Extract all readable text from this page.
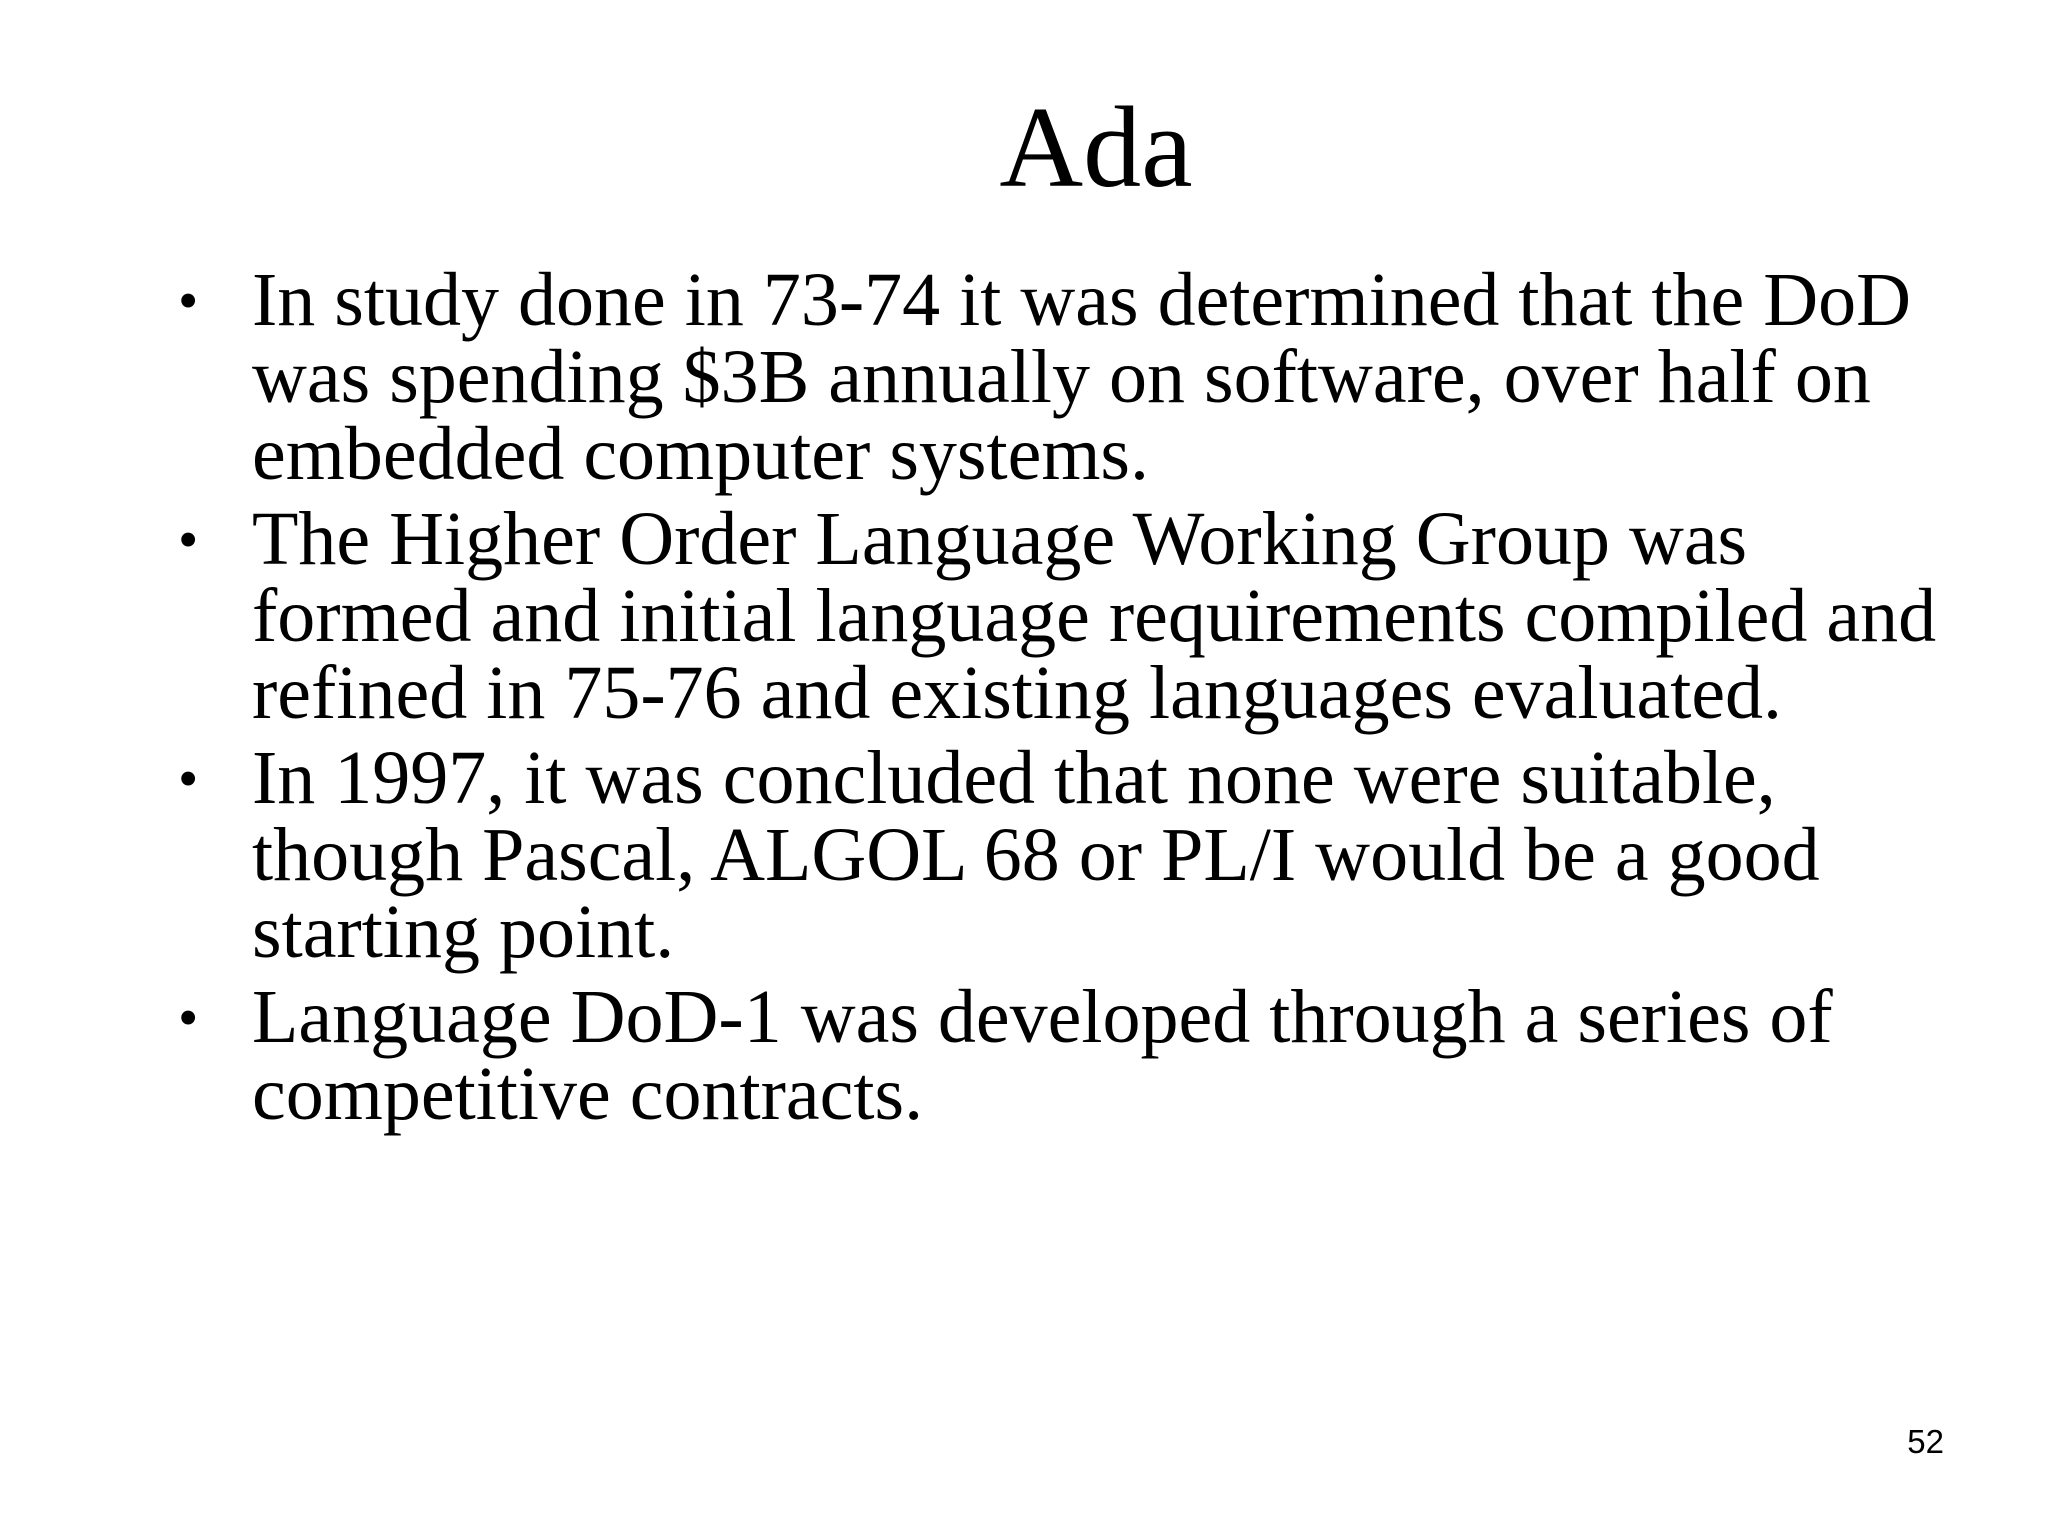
Ada
• In study done in 73-74 it was determined that the DoD was spending $3B annually on software, over half on embedded computer systems.
• The Higher Order Language Working Group was formed and initial language requirements compiled and refined in 75-76 and existing languages evaluated.
• In 1997, it was concluded that none were suitable, though Pascal, ALGOL 68 or PL/I would be a good starting point.
• Language DoD-1 was developed through a series of competitive contracts.
52
